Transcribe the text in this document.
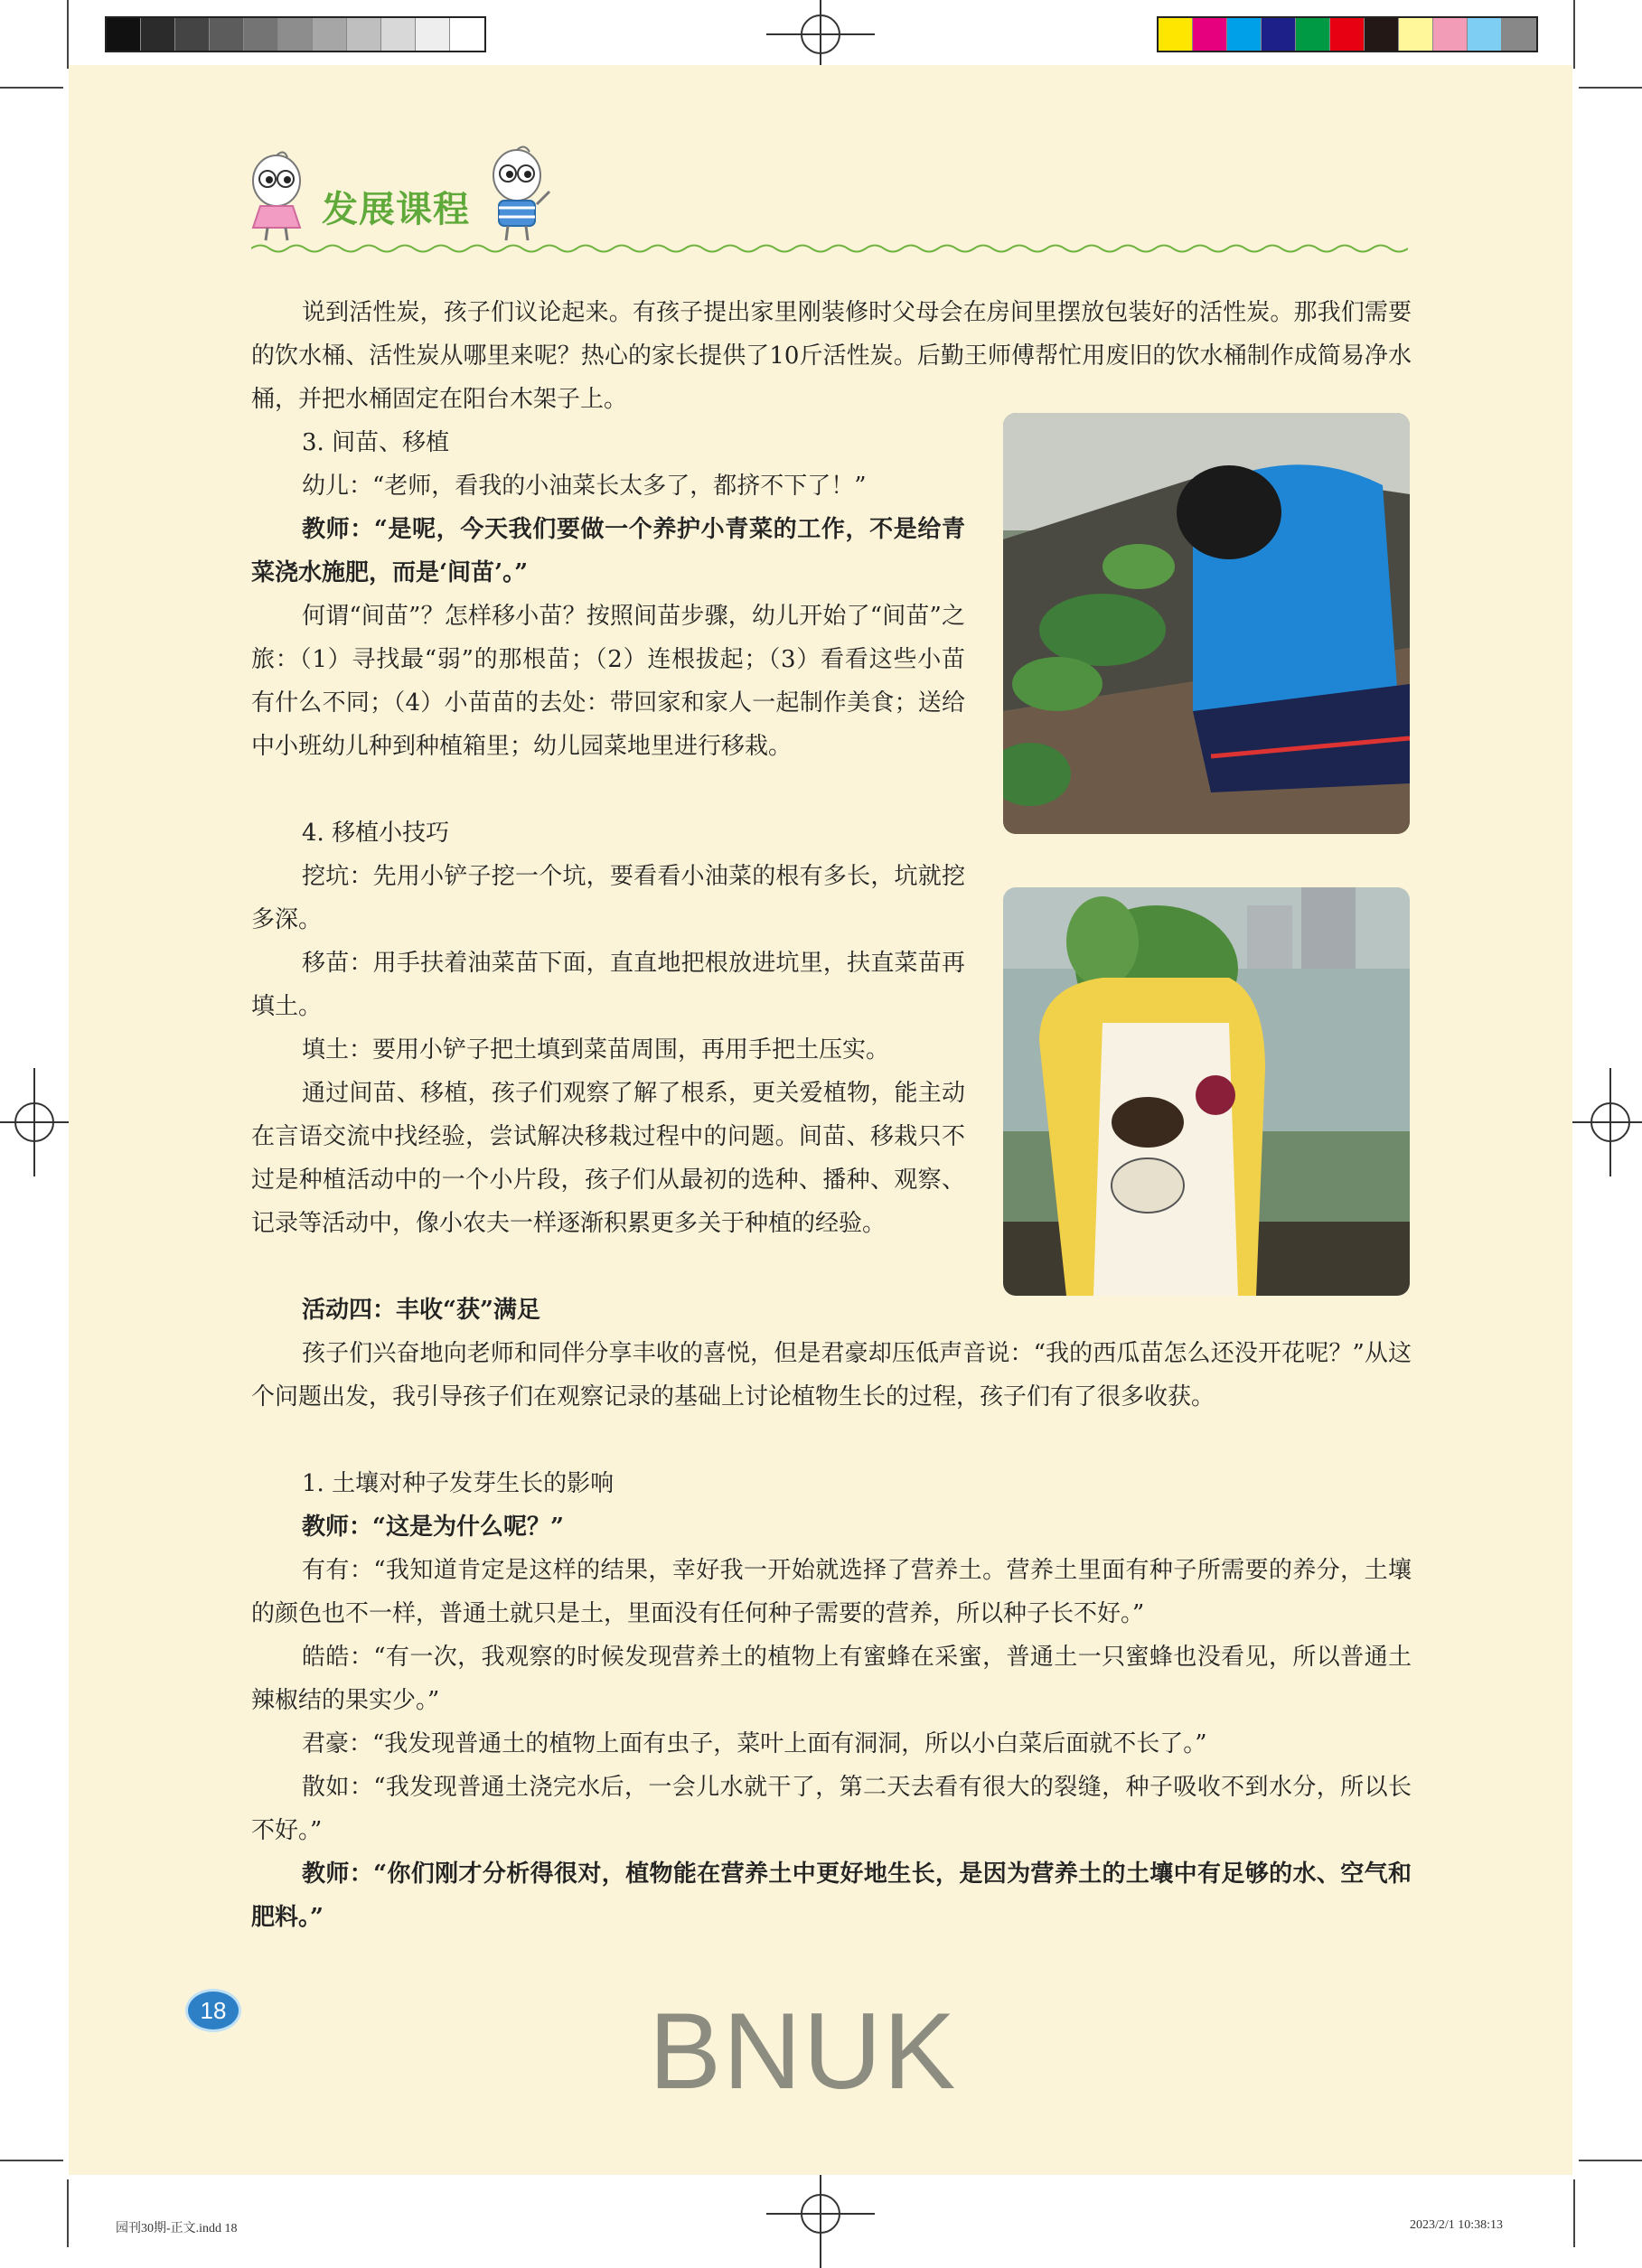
发展课程

说到活性炭，孩子们议论起来。有孩子提出家里刚装修时父母会在房间里摆放包装好的活性炭。那我们需要的饮水桶、活性炭从哪里来呢？热心的家长提供了10斤活性炭。后勤王师傅帮忙用废旧的饮水桶制作成简易净水桶，并把水桶固定在阳台木架子上。

3. 间苗、移植

幼儿：“老师，看我的小油菜长太多了，都挤不下了！”

教师：“是呢，今天我们要做一个养护小青菜的工作，不是给青菜浇水施肥，而是‘间苗’。”

何谓“间苗”？怎样移小苗？按照间苗步骤，幼儿开始了“间苗”之旅：（1）寻找最“弱”的那根苗；（2）连根拔起；（3）看看这些小苗有什么不同；（4）小苗苗的去处：带回家和家人一起制作美食；送给中小班幼儿种到种植箱里；幼儿园菜地里进行移栽。

4. 移植小技巧

挖坑：先用小铲子挖一个坑，要看看小油菜的根有多长，坑就挖多深。

移苗：用手扶着油菜苗下面，直直地把根放进坑里，扶直菜苗再填土。

填土：要用小铲子把土填到菜苗周围，再用手把土压实。

通过间苗、移植，孩子们观察了解了根系，更关爱植物，能主动在言语交流中找经验，尝试解决移栽过程中的问题。间苗、移栽只不过是种植活动中的一个小片段，孩子们从最初的选种、播种、观察、记录等活动中，像小农夫一样逐渐积累更多关于种植的经验。

活动四：丰收“获”满足

孩子们兴奋地向老师和同伴分享丰收的喜悦，但是君豪却压低声音说：“我的西瓜苗怎么还没开花呢？”从这个问题出发，我引导孩子们在观察记录的基础上讨论植物生长的过程，孩子们有了很多收获。

1. 土壤对种子发芽生长的影响

教师：“这是为什么呢？”

有有：“我知道肯定是这样的结果，幸好我一开始就选择了营养土。营养土里面有种子所需要的养分，土壤的颜色也不一样，普通土就只是土，里面没有任何种子需要的营养，所以种子长不好。”

皓皓：“有一次，我观察的时候发现营养土的植物上有蜜蜂在采蜜，普通土一只蜜蜂也没看见，所以普通土辣椒结的果实少。”

君豪：“我发现普通土的植物上面有虫子，菜叶上面有洞洞，所以小白菜后面就不长了。”

散如：“我发现普通土浇完水后，一会儿水就干了，第二天去看有很大的裂缝，种子吸收不到水分，所以长不好。”

教师：“你们刚才分析得很对，植物能在营养土中更好地生长，是因为营养土的土壤中有足够的水、空气和肥料。”

18	BNUK
园刊30期-正文.indd 18	2023/2/1 10:38:13
